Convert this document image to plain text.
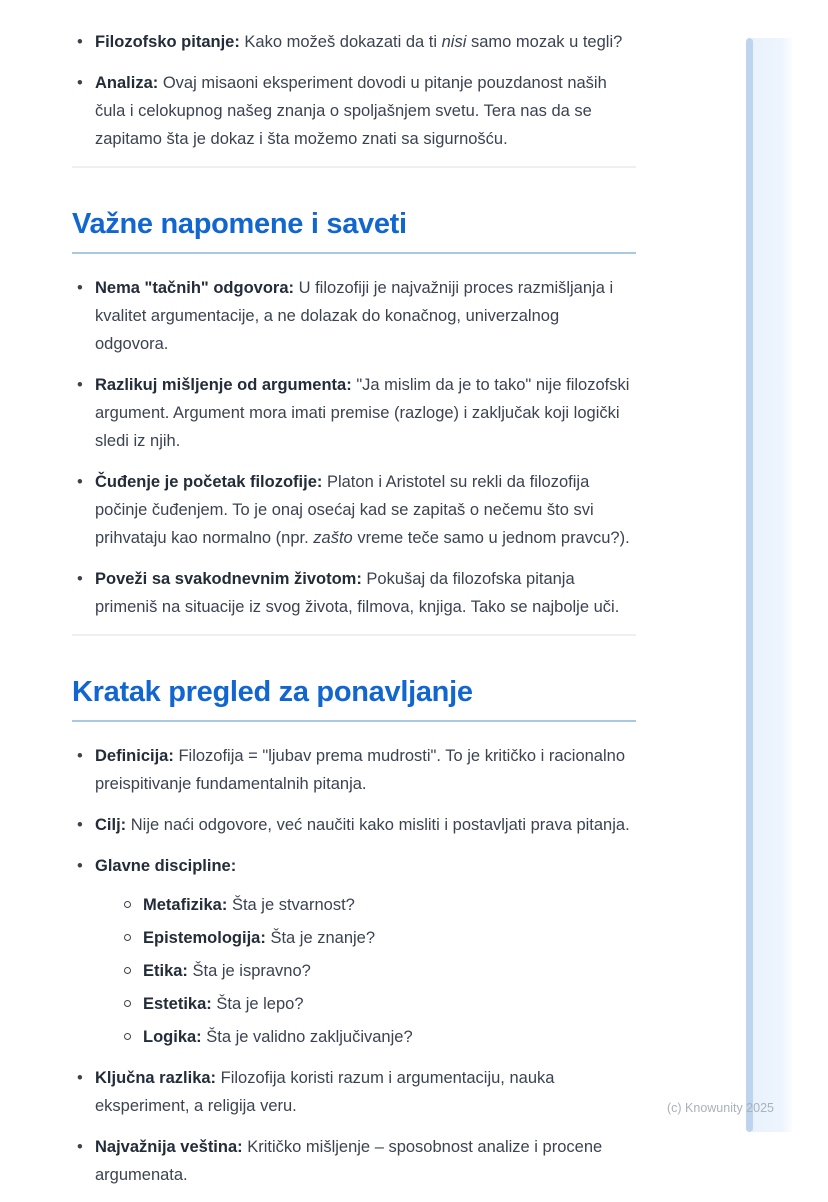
• Filozofsko pitanje: Kako možeš dokazati da ti nisi samo mozak u tegli?
• Analiza: Ovaj misaoni eksperiment dovodi u pitanje pouzdanost naših čula i celokupnog našeg znanja o spoljašnjem svetu. Tera nas da se zapitamo šta je dokaz i šta možemo znati sa sigurnošću.
Važne napomene i saveti
• Nema "tačnih" odgovora: U filozofiji je najvažniji proces razmišljanja i kvalitet argumentacije, a ne dolazak do konačnog, univerzalnog odgovora.
• Razlikuj mišljenje od argumenta: "Ja mislim da je to tako" nije filozofski argument. Argument mora imati premise (razloge) i zaključak koji logički sledi iz njih.
• Čuđenje je početak filozofije: Platon i Aristotel su rekli da filozofija počinje čuđenjem. To je onaj osećaj kad se zapitaš o nečemu što svi prihvataju kao normalno (npr. zašto vreme teče samo u jednom pravcu?).
• Poveži sa svakodnevnim životom: Pokušaj da filozofska pitanja primeniš na situacije iz svog života, filmova, knjiga. Tako se najbolje uči.
Kratak pregled za ponavljanje
• Definicija: Filozofija = "ljubav prema mudrosti". To je kritičko i racionalno preispitivanje fundamentalnih pitanja.
• Cilj: Nije naći odgovore, već naučiti kako misliti i postavljati prava pitanja.
• Glavne discipline:
Metafizika: Šta je stvarnost?
Epistemologija: Šta je znanje?
Etika: Šta je ispravno?
Estetika: Šta je lepo?
Logika: Šta je validno zaključivanje?
• Ključna razlika: Filozofija koristi razum i argumentaciju, nauka eksperiment, a religija veru.
• Najvažnija veština: Kritičko mišljenje – sposobnost analize i procene argumenata.
(c) Knowunity 2025
